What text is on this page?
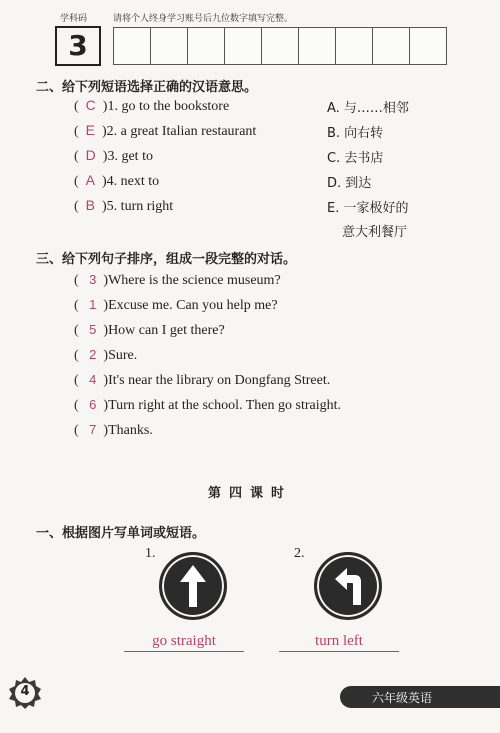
学科码	请将个人终身学习账号后九位数字填写完整。
3
二、给下列短语选择正确的汉语意思。
( C )1. go to the bookstore
( E )2. a great Italian restaurant
( D )3. get to
( A )4. next to
( B )5. turn right
A. 与……相邻
B. 向右转
C. 去书店
D. 到达
E. 一家极好的
意大利餐厅
三、给下列句子排序，组成一段完整的对话。
( 3 )Where is the science museum?
( 1 )Excuse me. Can you help me?
( 5 )How can I get there?
( 2 )Sure.
( 4 )It's near the library on Dongfang Street.
( 6 )Turn right at the school. Then go straight.
( 7 )Thanks.
第四课时
一、根据图片写单词或短语。
1.	2.
go straight	turn left
4	六年级英语
